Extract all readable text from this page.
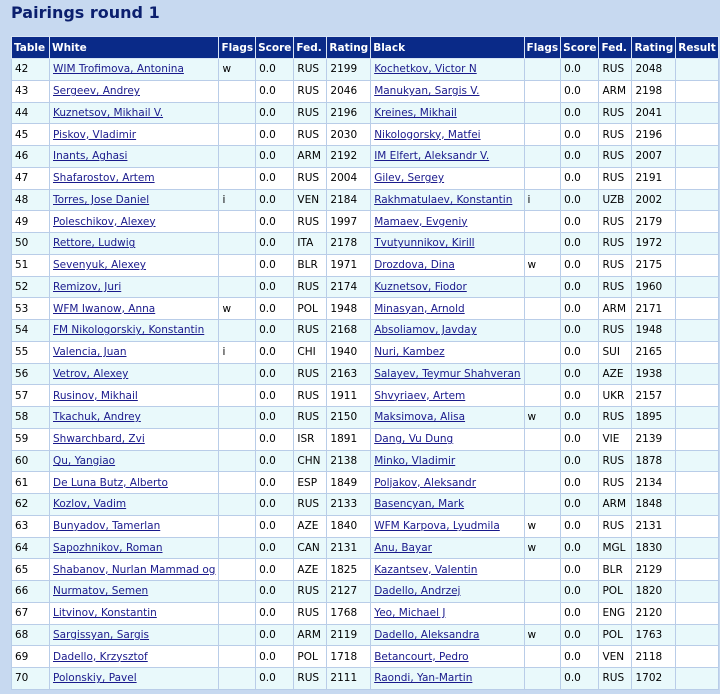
Pairings round 1
Table	White	Flags	Score	Fed.	Rating	Black	Flags	Score	Fed.	Rating	Result
42	WIM Trofimova, Antonina	w	0.0	RUS	2199	Kochetkov, Victor N		0.0	RUS	2048	
43	Sergeev, Andrey		0.0	RUS	2046	Manukyan, Sargis V.		0.0	ARM	2198	
44	Kuznetsov, Mikhail V.		0.0	RUS	2196	Kreines, Mikhail		0.0	RUS	2041	
45	Piskov, Vladimir		0.0	RUS	2030	Nikologorsky, Matfei		0.0	RUS	2196	
46	Inants, Aghasi		0.0	ARM	2192	IM Elfert, Aleksandr V.		0.0	RUS	2007	
47	Shafarostov, Artem		0.0	RUS	2004	Gilev, Sergey		0.0	RUS	2191	
48	Torres, Jose Daniel	i	0.0	VEN	2184	Rakhmatulaev, Konstantin	i	0.0	UZB	2002	
49	Poleschikov, Alexey		0.0	RUS	1997	Mamaev, Evgeniy		0.0	RUS	2179	
50	Rettore, Ludwig		0.0	ITA	2178	Tvutyunnikov, Kirill		0.0	RUS	1972	
51	Sevenyuk, Alexey		0.0	BLR	1971	Drozdova, Dina	w	0.0	RUS	2175	
52	Remizov, Juri		0.0	RUS	2174	Kuznetsov, Fiodor		0.0	RUS	1960	
53	WFM Iwanow, Anna	w	0.0	POL	1948	Minasyan, Arnold		0.0	ARM	2171	
54	FM Nikologorskiy, Konstantin		0.0	RUS	2168	Absoliamov, Javday		0.0	RUS	1948	
55	Valencia, Juan	i	0.0	CHI	1940	Nuri, Kambez		0.0	SUI	2165	
56	Vetrov, Alexey		0.0	RUS	2163	Salayev, Teymur Shahveran		0.0	AZE	1938	
57	Rusinov, Mikhail		0.0	RUS	1911	Shvyriaev, Artem		0.0	UKR	2157	
58	Tkachuk, Andrey		0.0	RUS	2150	Maksimova, Alisa	w	0.0	RUS	1895	
59	Shwarchbard, Zvi		0.0	ISR	1891	Dang, Vu Dung		0.0	VIE	2139	
60	Qu, Yangiao		0.0	CHN	2138	Minko, Vladimir		0.0	RUS	1878	
61	De Luna Butz, Alberto		0.0	ESP	1849	Poljakov, Aleksandr		0.0	RUS	2134	
62	Kozlov, Vadim		0.0	RUS	2133	Basencyan, Mark		0.0	ARM	1848	
63	Bunyadov, Tamerlan		0.0	AZE	1840	WFM Karpova, Lyudmila	w	0.0	RUS	2131	
64	Sapozhnikov, Roman		0.0	CAN	2131	Anu, Bayar	w	0.0	MGL	1830	
65	Shabanov, Nurlan Mammad og		0.0	AZE	1825	Kazantsev, Valentin		0.0	BLR	2129	
66	Nurmatov, Semen		0.0	RUS	2127	Dadello, Andrzej		0.0	POL	1820	
67	Litvinov, Konstantin		0.0	RUS	1768	Yeo, Michael J		0.0	ENG	2120	
68	Sargissyan, Sargis		0.0	ARM	2119	Dadello, Aleksandra	w	0.0	POL	1763	
69	Dadello, Krzysztof		0.0	POL	1718	Betancourt, Pedro		0.0	VEN	2118	
70	Polonskiy, Pavel		0.0	RUS	2111	Raondi, Yan-Martin		0.0	RUS	1702	
